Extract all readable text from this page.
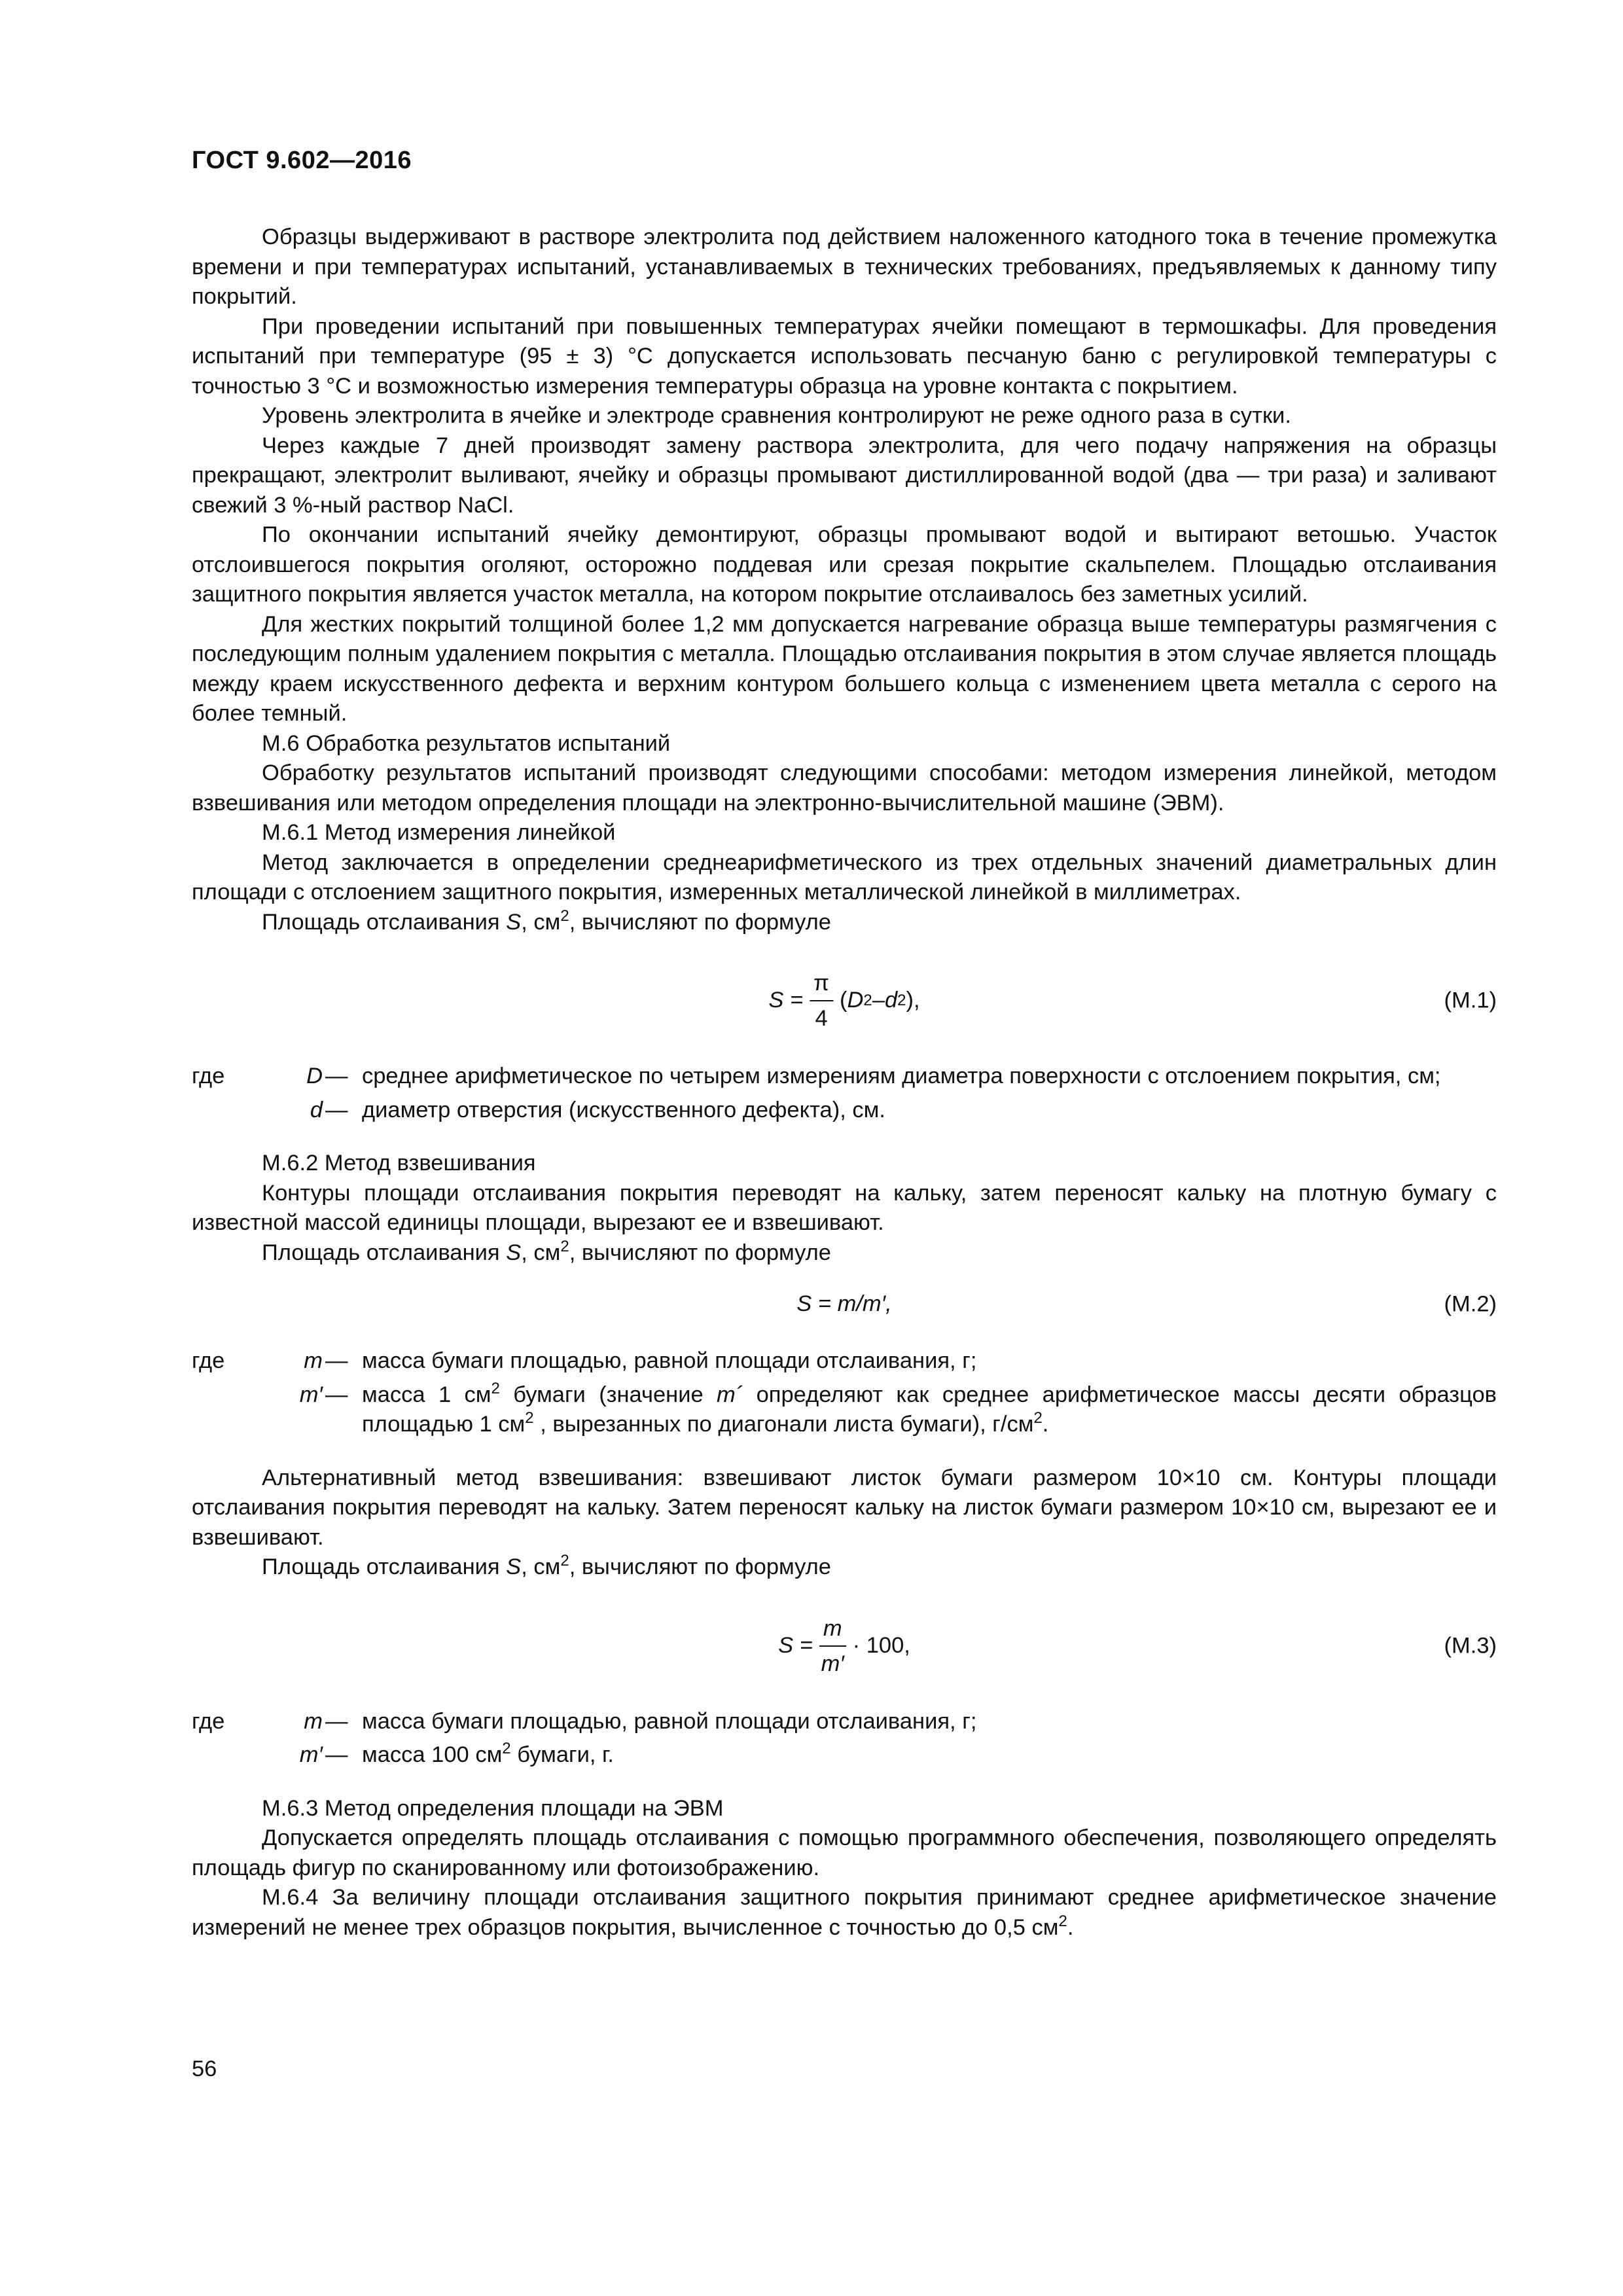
ГОСТ 9.602—2016

Образцы выдерживают в растворе электролита под действием наложенного катодного тока в течение промежутка времени и при температурах испытаний, устанавливаемых в технических требованиях, предъявляемых к данному типу покрытий.

При проведении испытаний при повышенных температурах ячейки помещают в термошкафы. Для проведения испытаний при температуре (95 ± 3) °С допускается использовать песчаную баню с регулировкой температуры с точностью 3 °С и возможностью измерения температуры образца на уровне контакта с покрытием.

Уровень электролита в ячейке и электроде сравнения контролируют не реже одного раза в сутки.

Через каждые 7 дней производят замену раствора электролита, для чего подачу напряжения на образцы прекращают, электролит выливают, ячейку и образцы промывают дистиллированной водой (два — три раза) и заливают свежий 3 %-ный раствор NaCl.

По окончании испытаний ячейку демонтируют, образцы промывают водой и вытирают ветошью. Участок отслоившегося покрытия оголяют, осторожно поддевая или срезая покрытие скальпелем. Площадью отслаивания защитного покрытия является участок металла, на котором покрытие отслаивалось без заметных усилий.

Для жестких покрытий толщиной более 1,2 мм допускается нагревание образца выше температуры размягчения с последующим полным удалением покрытия с металла. Площадью отслаивания покрытия в этом случае является площадь между краем искусственного дефекта и верхним контуром большего кольца с изменением цвета металла с серого на более темный.

М.6 Обработка результатов испытаний

Обработку результатов испытаний производят следующими способами: методом измерения линейкой, методом взвешивания или методом определения площади на электронно-вычислительной машине (ЭВМ).

М.6.1 Метод измерения линейкой

Метод заключается в определении среднеарифметического из трех отдельных значений диаметральных длин площади с отслоением защитного покрытия, измеренных металлической линейкой в миллиметрах.

Площадь отслаивания S, $см^2$, вычисляют по формуле

$S = \frac{\pi}{4}$ ( D 2 – d 2 ),	(М.1)
где	D	—	среднее арифметическое по четырем измерениям диаметра поверхности с отслоением покрытия, см;
	d	—	диаметр отверстия (искусственного дефекта), см.

М.6.2 Метод взвешивания

Контуры площади отслаивания покрытия переводят на кальку, затем переносят кальку на плотную бумагу с известной массой единицы площади, вырезают ее и взвешивают.

Площадь отслаивания S, $см^2$, вычисляют по формуле

S = m/m′,	(М.2)
где	m	—	масса бумаги площадью, равной площади отслаивания, г;
	m′	—	масса 1 $см^2$ бумаги (значение m´ определяют как среднее арифметическое массы десяти образцов площадью 1 $см^2$ , вырезанных по диагонали листа бумаги), $г/см^2$.

Альтернативный метод взвешивания: взвешивают листок бумаги размером 10×10 см. Контуры площади отслаивания покрытия переводят на кальку. Затем переносят кальку на листок бумаги размером 10×10 см, вырезают ее и взвешивают.

Площадь отслаивания S, $см^2$, вычисляют по формуле

$S = \frac{m}{m'} \cdot 100$,	(М.3)
где	m	—	масса бумаги площадью, равной площади отслаивания, г;
	m′	—	масса 100 $см^2$ бумаги, г.

М.6.3 Метод определения площади на ЭВМ

Допускается определять площадь отслаивания с помощью программного обеспечения, позволяющего определять площадь фигур по сканированному или фотоизображению.

М.6.4 За величину площади отслаивания защитного покрытия принимают среднее арифметическое значение измерений не менее трех образцов покрытия, вычисленное с точностью до 0,5 $см^2$.

56
